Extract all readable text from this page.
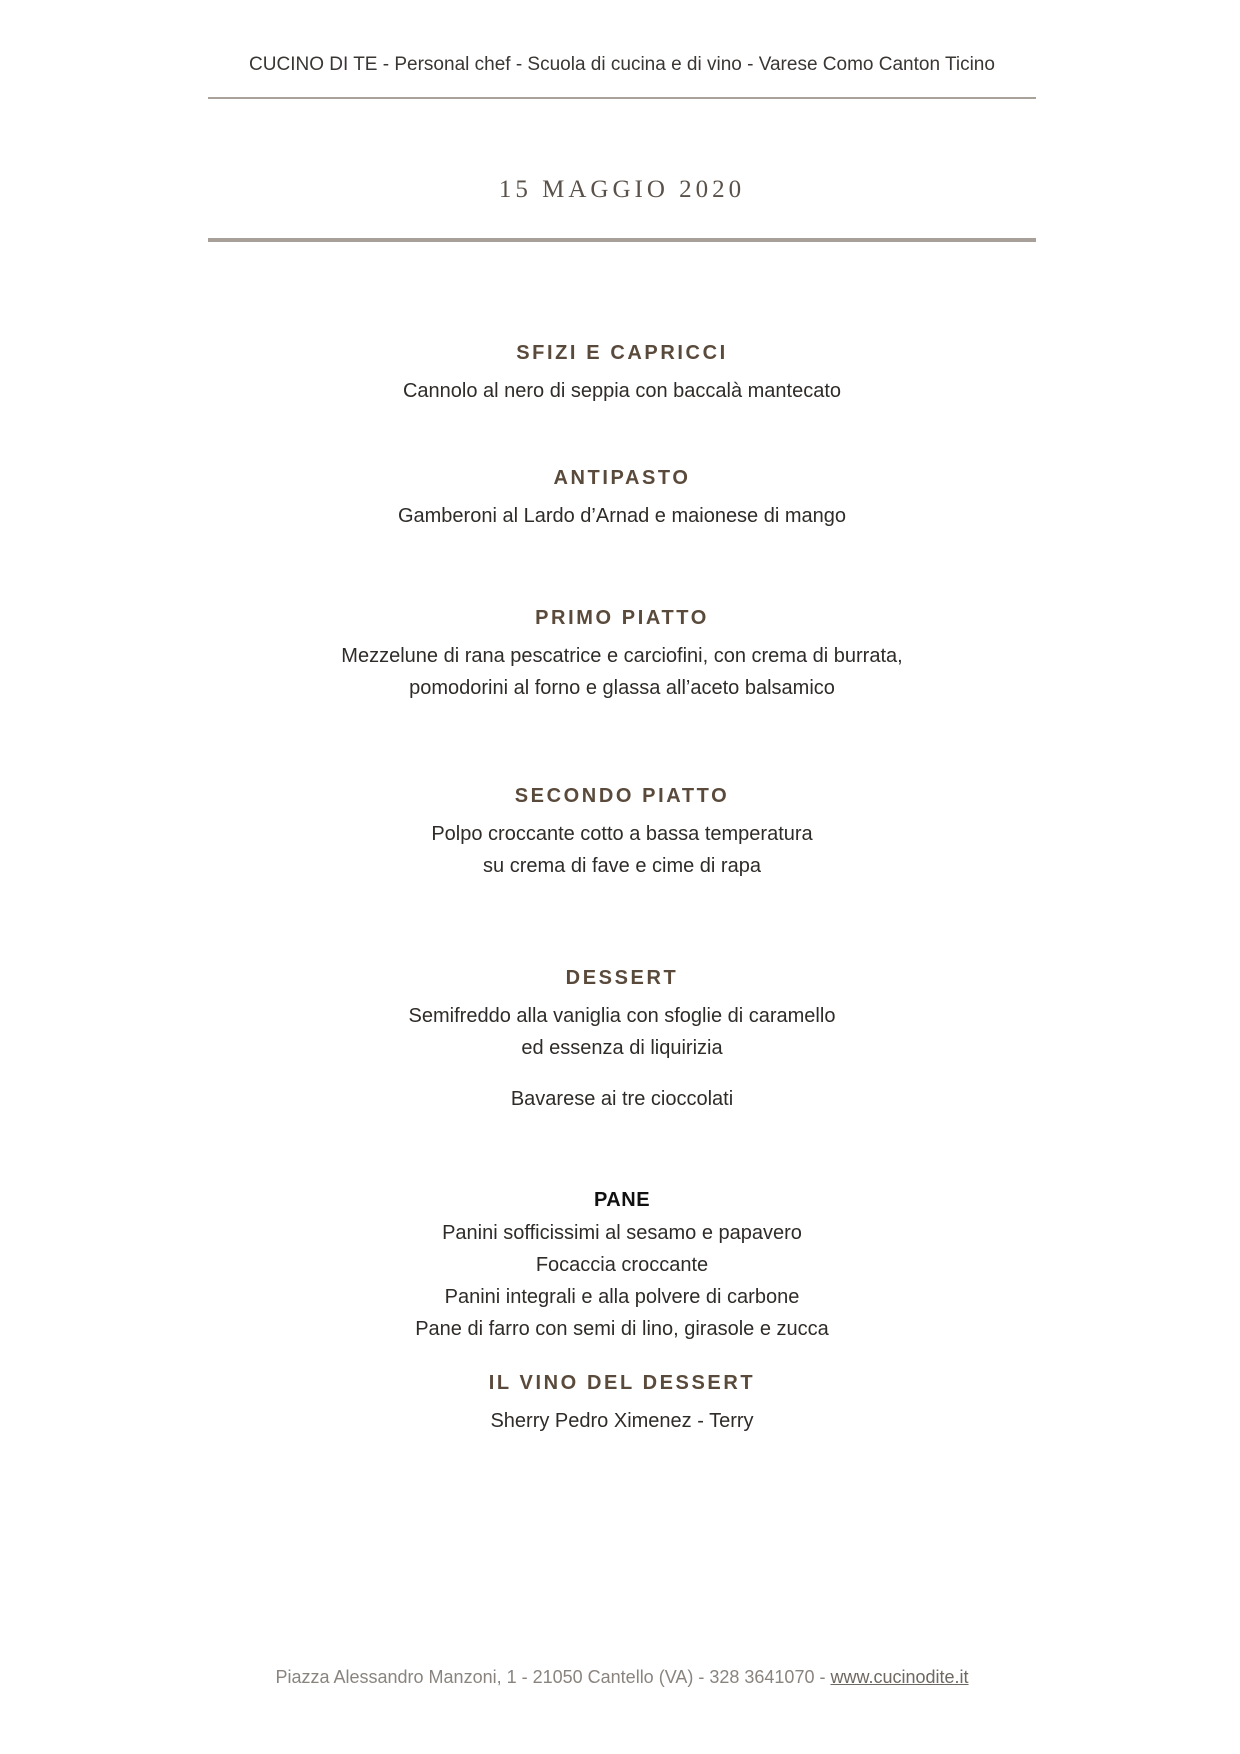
CUCINO DI TE - Personal chef - Scuola di cucina e di vino - Varese Como Canton Ticino
15 MAGGIO 2020
SFIZI E CAPRICCI
Cannolo al nero di seppia con baccalà mantecato
ANTIPASTO
Gamberoni al Lardo d’Arnad e maionese di mango
PRIMO PIATTO
Mezzelune di rana pescatrice e carciofini, con crema di burrata,
pomodorini al forno e glassa all’aceto balsamico
SECONDO PIATTO
Polpo croccante cotto a bassa temperatura
su crema di fave e cime di rapa
DESSERT
Semifreddo alla vaniglia con sfoglie di caramello
ed essenza di liquirizia
Bavarese ai tre cioccolati
PANE
Panini sofficissimi al sesamo e papavero
Focaccia croccante
Panini integrali e alla polvere di carbone
Pane di farro con semi di lino, girasole e zucca
IL VINO DEL DESSERT
Sherry Pedro Ximenez - Terry
Piazza Alessandro Manzoni, 1 - 21050 Cantello (VA) - 328 3641070 - www.cucinodite.it
